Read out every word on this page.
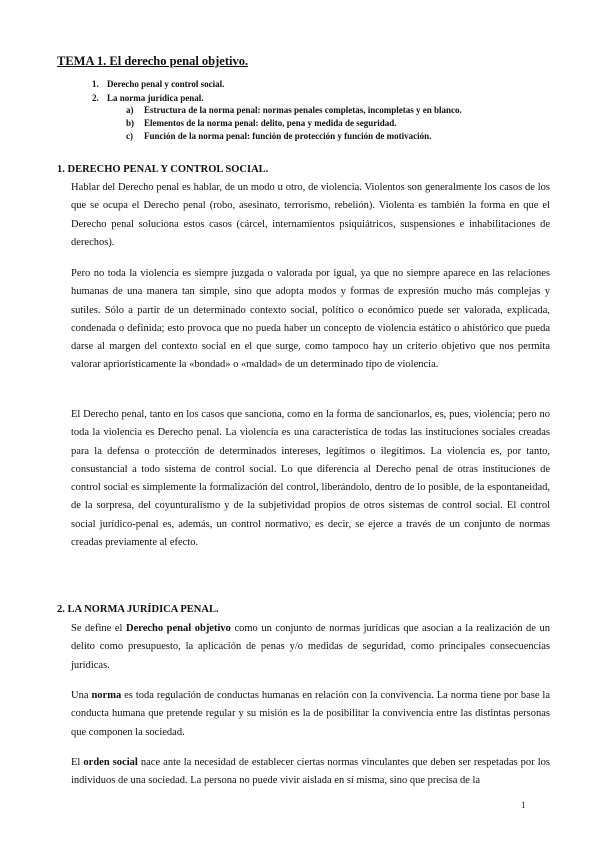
TEMA 1. El derecho penal objetivo.
1. Derecho penal y control social.
2. La norma jurídica penal.
a) Estructura de la norma penal: normas penales completas, incompletas y en blanco.
b) Elementos de la norma penal: delito, pena y medida de seguridad.
c) Función de la norma penal: función de protección y función de motivación.
1. DERECHO PENAL Y CONTROL SOCIAL.

Hablar del Derecho penal es hablar, de un modo u otro, de violencia. Violentos son generalmente los casos de los que se ocupa el Derecho penal (robo, asesinato, terrorismo, rebelión). Violenta es también la forma en que el Derecho penal soluciona estos casos (cárcel, internamientos psiquiátricos, suspensiones e inhabilitaciones de derechos).

Pero no toda la violencia es siempre juzgada o valorada por igual, ya que no siempre aparece en las relaciones humanas de una manera tan simple, sino que adopta modos y formas de expresión mucho más complejas y sutiles. Sólo a partir de un determinado contexto social, político o económico puede ser valorada, explicada, condenada o definida; esto provoca que no pueda haber un concepto de violencia estático o ahistórico que pueda darse al margen del contexto social en el que surge, como tampoco hay un criterio objetivo que nos permita valorar apriorísticamente la «bondad» o «maldad» de un determinado tipo de violencia.

El Derecho penal, tanto en los casos que sanciona, como en la forma de sancionarlos, es, pues, violencia; pero no toda la violencia es Derecho penal. La violencia es una característica de todas las instituciones sociales creadas para la defensa o protección de determinados intereses, legítimos o ilegítimos. La violencia es, por tanto, consustancial a todo sistema de control social. Lo que diferencia al Derecho penal de otras instituciones de control social es simplemente la formalización del control, liberándolo, dentro de lo posible, de la espontaneidad, de la sorpresa, del coyunturalismo y de la subjetividad propios de otros sistemas de control social. El control social jurídico-penal es, además, un control normativo, es decir, se ejerce a través de un conjunto de normas creadas previamente al efecto.

2. LA NORMA JURÍDICA PENAL.

Se define el Derecho penal objetivo como un conjunto de normas jurídicas que asocian a la realización de un delito como presupuesto, la aplicación de penas y/o medidas de seguridad, como principales consecuencias jurídicas.

Una norma es toda regulación de conductas humanas en relación con la convivencia. La norma tiene por base la conducta humana que pretende regular y su misión es la de posibilitar la convivencia entre las distintas personas que componen la sociedad.

El orden social nace ante la necesidad de establecer ciertas normas vinculantes que deben ser respetadas por los individuos de una sociedad. La persona no puede vivir aislada en sí misma, sino que precisa de la

1
